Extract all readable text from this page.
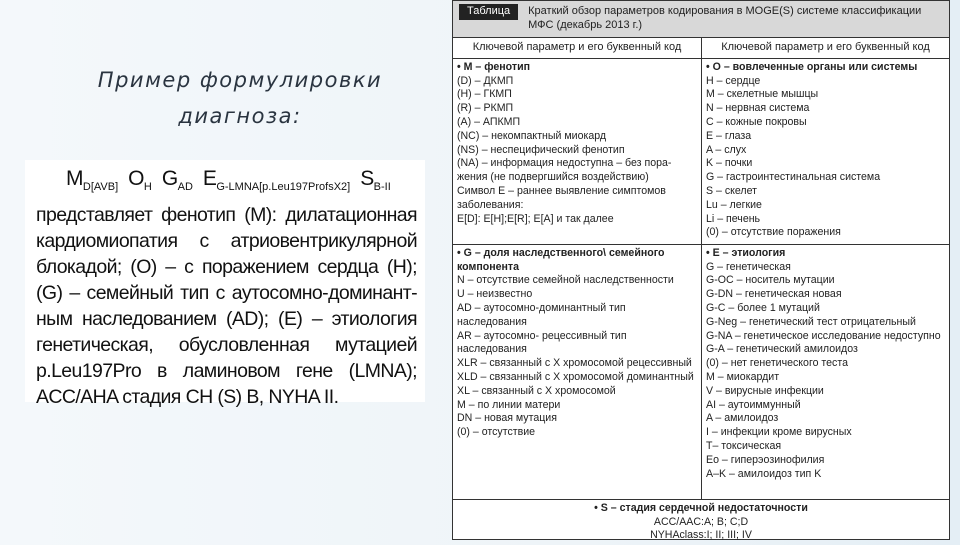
Пример формулировки
диагноза:
$M_{D[AVB]}$ $O_H$ $G_{AD}$ $E_{G-LMNA[p.Leu197ProfsX2]}$ $S_{B-II}$
представляет фенотип (М): дилатационная кардиомиопатия с атриовентрикулярной блокадой; (О) – с поражением сердца (Н); (G) – семейный тип с аутосомно-доминант-ным наследованием (AD); (Е) – этиология генетическая, обусловленная мутацией p.Leu197Pro в ламиновом гене (LMNA); ACC/AHA стадия СН (S) В, NYHA II.
Таблица	Краткий обзор параметров кодирования в MOGE(S) системе классификации МФС (декабрь 2013 г.)
Ключевой параметр и его буквенный код	Ключевой параметр и его буквенный код
• М – фенотип
(D) – ДКМП
(H) – ГКМП
(R) – РКМП
(A) – АПКМП
(NC) – некомпактный миокард
(NS) – неспецифический фенотип
(NA) – информация недоступна – без пора-жения (не подвергшийся воздействию)
Символ Е – раннее выявление симптомов заболевания:
E[D]: E[H];E[R]; E[A] и так далее
• O – вовлеченные органы или системы
H – сердце
M – скелетные мышцы
N – нервная система
C – кожные покровы
E – глаза
A – слух
K – почки
G – гастроинтестинальная система
S – скелет
Lu – легкие
Li – печень
(0) – отсутствие поражения
• G – доля наследственного\ семейного компонента
N – отсутствие семейной наследственности
U – неизвестно
AD – аутосомно-доминантный тип наследования
AR – аутосомно- рецессивный тип наследования
XLR – связанный с X хромосомой рецессивный
XLD – связанный с X хромосомой доминантный
XL – связанный с X хромосомой
M – по линии матери
DN – новая мутация
(0) – отсутствие
• E – этиология
G – генетическая
G-OC – носитель мутации
G-DN – генетическая новая
G-C – более 1 мутаций
G-Neg – генетический тест отрицательный
G-NA – генетическое исследование недоступно
G-A – генетический амилоидоз
(0) – нет генетического теста
M – миокардит
V – вирусные инфекции
AI – аутоиммунный
A – амилоидоз
I – инфекции кроме вирусных
T– токсическая
Eo – гиперэозинофилия
A–K – амилоидоз тип K
• S – стадия сердечной недостаточности
ACC/AAC:A; B; C;D
NYHAclass:I; II; III; IV
